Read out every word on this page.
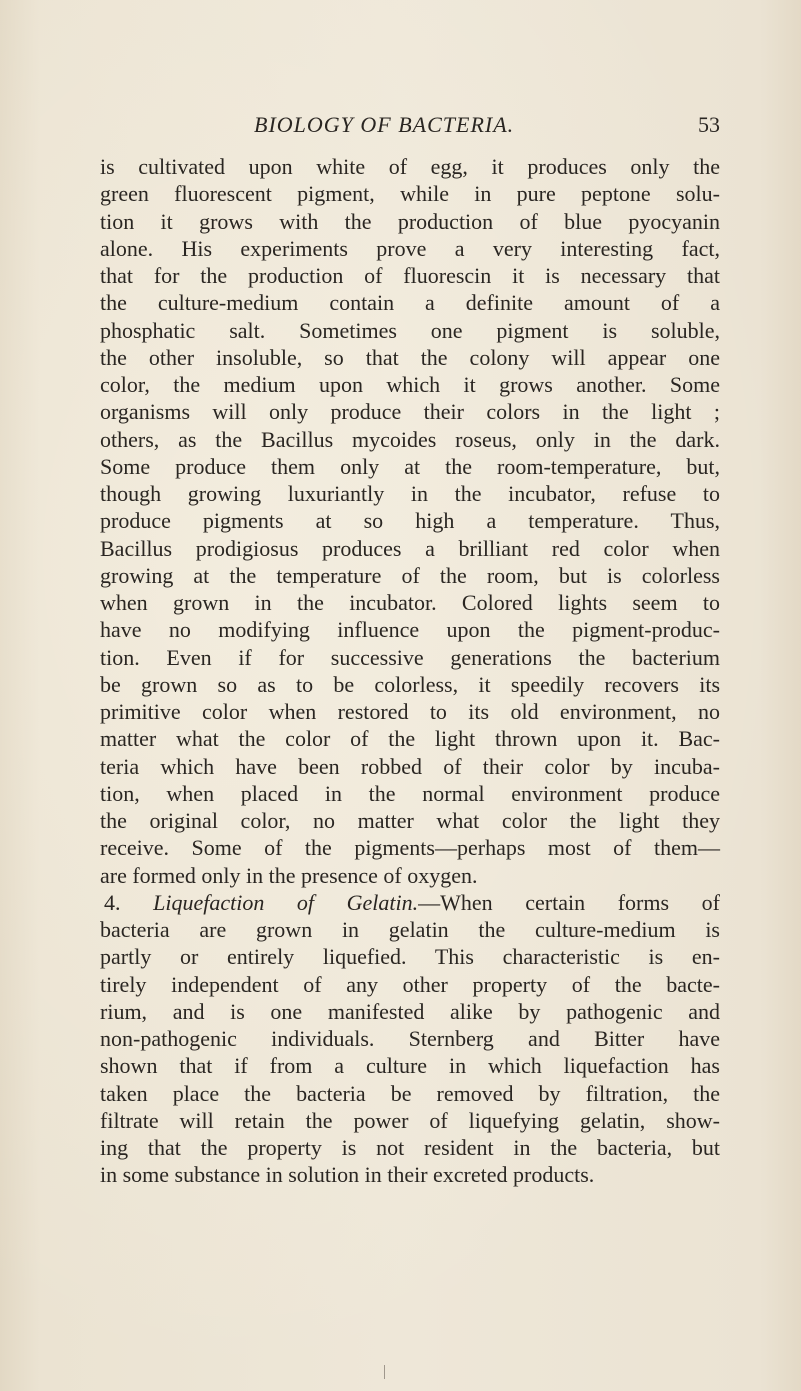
BIOLOGY OF BACTERIA.	53
is cultivated upon white of egg, it produces only the
green fluorescent pigment, while in pure peptone solu-
tion it grows with the production of blue pyocyanin
alone. His experiments prove a very interesting fact,
that for the production of fluorescin it is necessary that
the culture-medium contain a definite amount of a
phosphatic salt. Sometimes one pigment is soluble,
the other insoluble, so that the colony will appear one
color, the medium upon which it grows another. Some
organisms will only produce their colors in the light ;
others, as the Bacillus mycoides roseus, only in the dark.
Some produce them only at the room-temperature, but,
though growing luxuriantly in the incubator, refuse to
produce pigments at so high a temperature. Thus,
Bacillus prodigiosus produces a brilliant red color when
growing at the temperature of the room, but is colorless
when grown in the incubator. Colored lights seem to
have no modifying influence upon the pigment-produc-
tion. Even if for successive generations the bacterium
be grown so as to be colorless, it speedily recovers its
primitive color when restored to its old environment, no
matter what the color of the light thrown upon it. Bac-
teria which have been robbed of their color by incuba-
tion, when placed in the normal environment produce
the original color, no matter what color the light they
receive. Some of the pigments—perhaps most of them—
are formed only in the presence of oxygen.
4. Liquefaction of Gelatin.—When certain forms of
bacteria are grown in gelatin the culture-medium is
partly or entirely liquefied. This characteristic is en-
tirely independent of any other property of the bacte-
rium, and is one manifested alike by pathogenic and
non-pathogenic individuals. Sternberg and Bitter have
shown that if from a culture in which liquefaction has
taken place the bacteria be removed by filtration, the
filtrate will retain the power of liquefying gelatin, show-
ing that the property is not resident in the bacteria, but
in some substance in solution in their excreted products.
